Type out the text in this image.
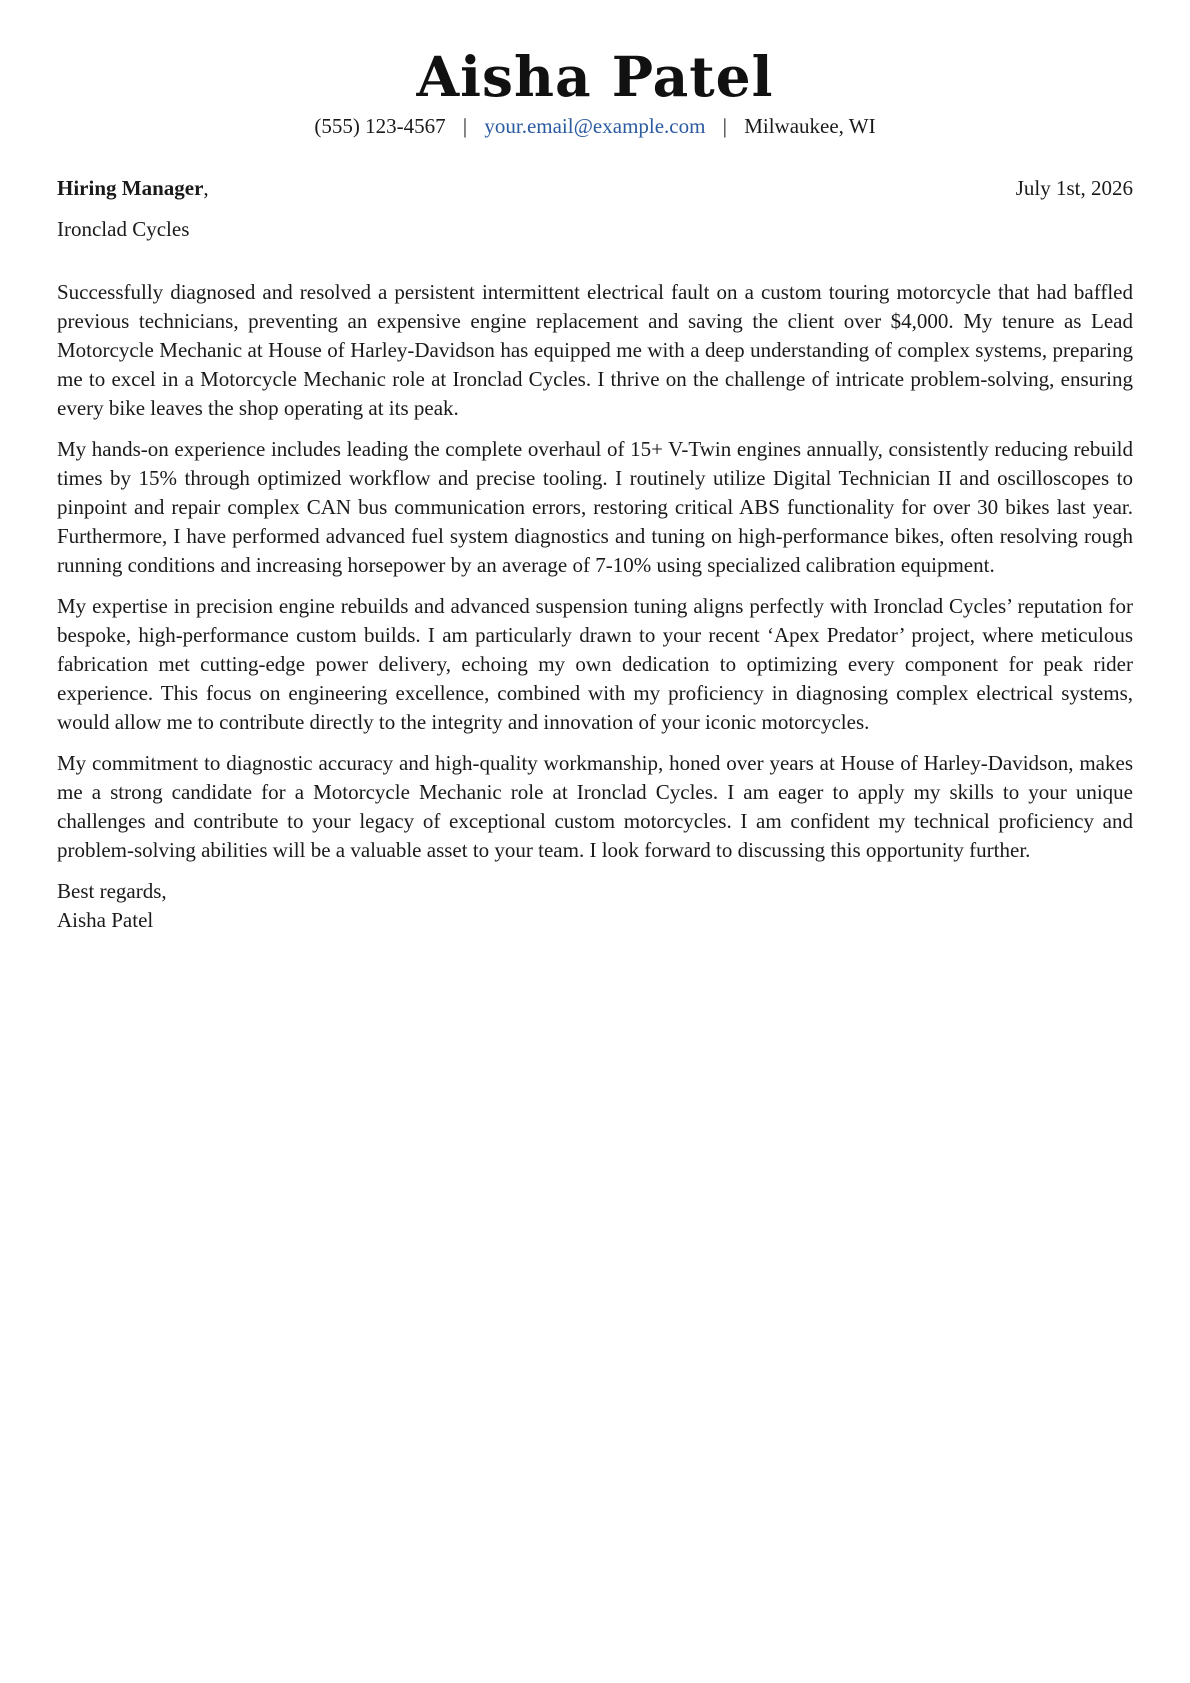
Aisha Patel
(555) 123-4567 | your.email@example.com | Milwaukee, WI
Hiring Manager,	July 1st, 2026
Ironclad Cycles

Successfully diagnosed and resolved a persistent intermittent electrical fault on a custom touring motorcycle that had baffled previous technicians, preventing an expensive engine replacement and saving the client over $4,000. My tenure as Lead Motorcycle Mechanic at House of Harley-Davidson has equipped me with a deep understanding of complex systems, preparing me to excel in a Motorcycle Mechanic role at Ironclad Cycles. I thrive on the challenge of intricate problem-solving, ensuring every bike leaves the shop operating at its peak.

My hands-on experience includes leading the complete overhaul of 15+ V-Twin engines annually, consistently reducing rebuild times by 15% through optimized workflow and precise tooling. I routinely utilize Digital Technician II and oscilloscopes to pinpoint and repair complex CAN bus communication errors, restoring critical ABS functionality for over 30 bikes last year. Furthermore, I have performed advanced fuel system diagnostics and tuning on high-performance bikes, often resolving rough running conditions and increasing horsepower by an average of 7-10% using specialized calibration equipment.

My expertise in precision engine rebuilds and advanced suspension tuning aligns perfectly with Ironclad Cycles’ reputation for bespoke, high-performance custom builds. I am particularly drawn to your recent ‘Apex Predator’ project, where meticulous fabrication met cutting-edge power delivery, echoing my own dedication to optimizing every component for peak rider experience. This focus on engineering excellence, combined with my proficiency in diagnosing complex electrical systems, would allow me to contribute directly to the integrity and innovation of your iconic motorcycles.

My commitment to diagnostic accuracy and high-quality workmanship, honed over years at House of Harley-Davidson, makes me a strong candidate for a Motorcycle Mechanic role at Ironclad Cycles. I am eager to apply my skills to your unique challenges and contribute to your legacy of exceptional custom motorcycles. I am confident my technical proficiency and problem-solving abilities will be a valuable asset to your team. I look forward to discussing this opportunity further.

Best regards,
Aisha Patel
